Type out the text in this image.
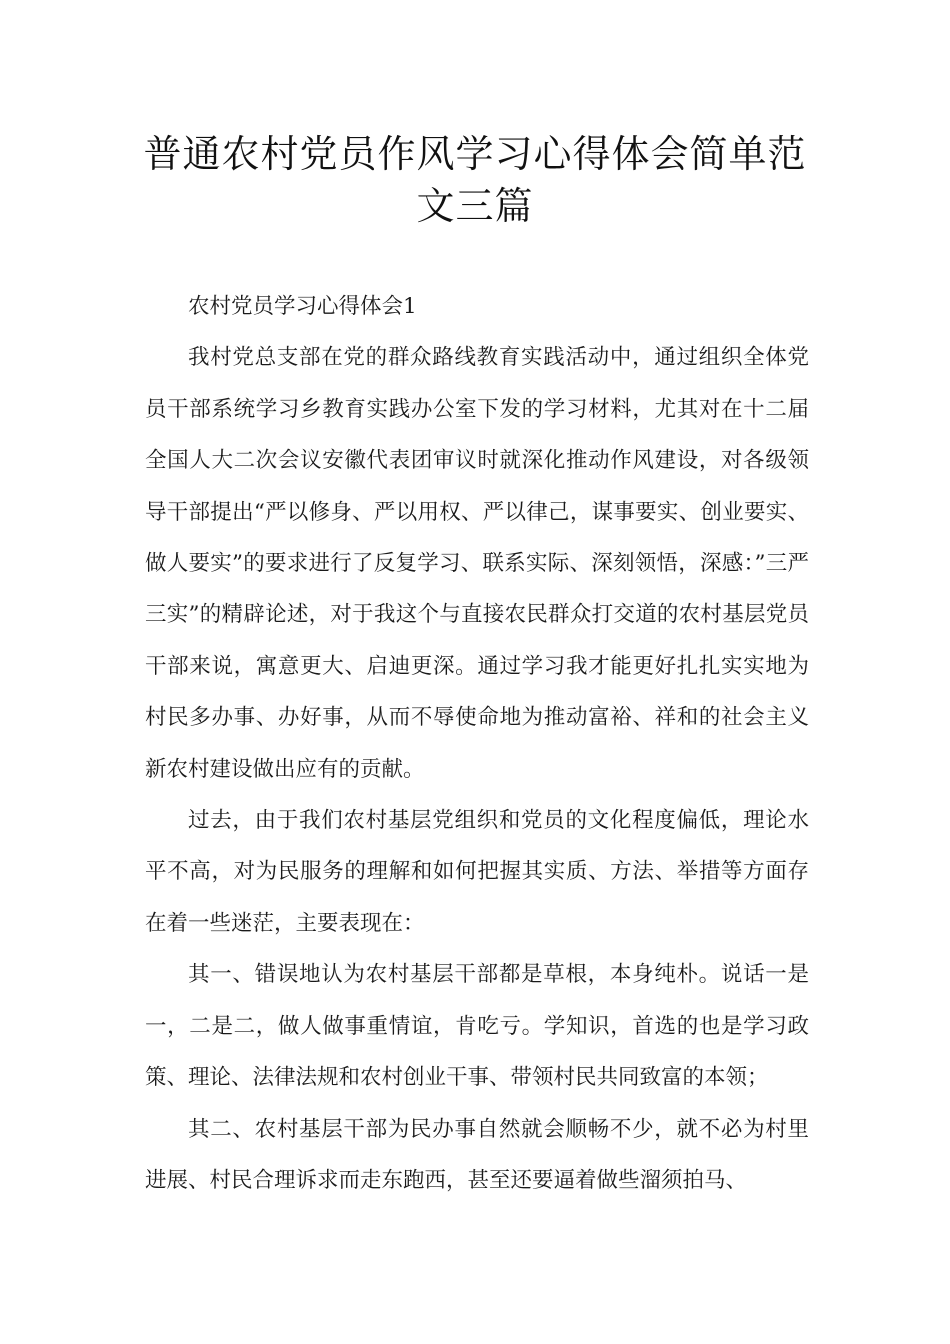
普通农村党员作风学习心得体会简单范文三篇

农村党员学习心得体会1

我村党总支部在党的群众路线教育实践活动中，通过组织全体党员干部系统学习乡教育实践办公室下发的学习材料，尤其对在十二届全国人大二次会议安徽代表团审议时就深化推动作风建设，对各级领导干部提出“严以修身、严以用权、严以律己，谋事要实、创业要实、做人要实”的要求进行了反复学习、联系实际、深刻领悟，深感：”三严三实”的精辟论述，对于我这个与直接农民群众打交道的农村基层党员干部来说，寓意更大、启迪更深。通过学习我才能更好扎扎实实地为村民多办事、办好事，从而不辱使命地为推动富裕、祥和的社会主义新农村建设做出应有的贡献。

过去，由于我们农村基层党组织和党员的文化程度偏低，理论水平不高，对为民服务的理解和如何把握其实质、方法、举措等方面存在着一些迷茫，主要表现在：

其一、错误地认为农村基层干部都是草根，本身纯朴。说话一是一，二是二，做人做事重情谊，肯吃亏。学知识，首选的也是学习政策、理论、法律法规和农村创业干事、带领村民共同致富的本领；

其二、农村基层干部为民办事自然就会顺畅不少，就不必为村里进展、村民合理诉求而走东跑西，甚至还要逼着做些溜须拍马、
